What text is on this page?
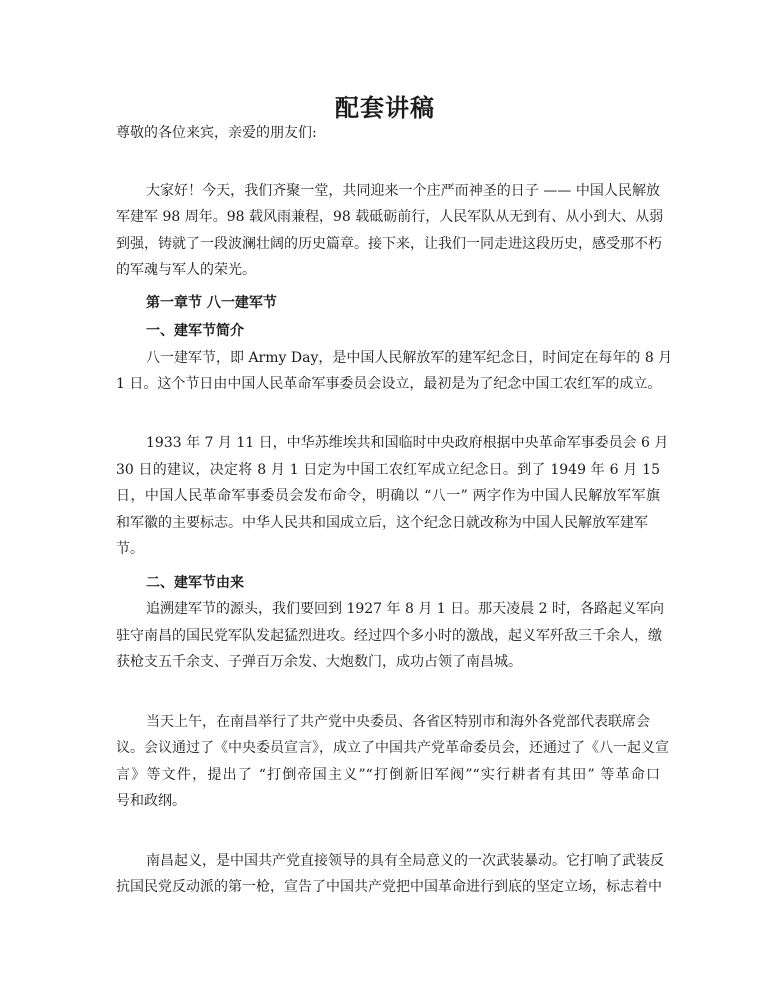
配套讲稿

尊敬的各位来宾，亲爱的朋友们:

大家好！今天，我们齐聚一堂，共同迎来一个庄严而神圣的日子 —— 中国人民解放

军建军 98 周年。98 载风雨兼程，98 载砥砺前行，人民军队从无到有、从小到大、从弱

到强，铸就了一段波澜壮阔的历史篇章。接下来，让我们一同走进这段历史，感受那不朽

的军魂与军人的荣光。

第一章节 八一建军节

一、建军节简介

八一建军节，即 Army Day，是中国人民解放军的建军纪念日，时间定在每年的 8 月

1 日。这个节日由中国人民革命军事委员会设立，最初是为了纪念中国工农红军的成立。

1933 年 7 月 11 日，中华苏维埃共和国临时中央政府根据中央革命军事委员会 6 月

30 日的建议，决定将 8 月 1 日定为中国工农红军成立纪念日。到了 1949 年 6 月 15

日，中国人民革命军事委员会发布命令，明确以 “八一” 两字作为中国人民解放军军旗

和军徽的主要标志。中华人民共和国成立后，这个纪念日就改称为中国人民解放军建军

节。

二、建军节由来

追溯建军节的源头，我们要回到 1927 年 8 月 1 日。那天凌晨 2 时，各路起义军向

驻守南昌的国民党军队发起猛烈进攻。经过四个多小时的激战，起义军歼敌三千余人，缴

获枪支五千余支、子弹百万余发、大炮数门，成功占领了南昌城。

当天上午，在南昌举行了共产党中央委员、各省区特别市和海外各党部代表联席会

议。会议通过了《中央委员宣言》，成立了中国共产党革命委员会，还通过了《八一起义宣

言》等文件，提出了 “打倒帝国主义”“打倒新旧军阀”“实行耕者有其田” 等革命口

号和政纲。

南昌起义，是中国共产党直接领导的具有全局意义的一次武装暴动。它打响了武装反

抗国民党反动派的第一枪，宣告了中国共产党把中国革命进行到底的坚定立场，标志着中
